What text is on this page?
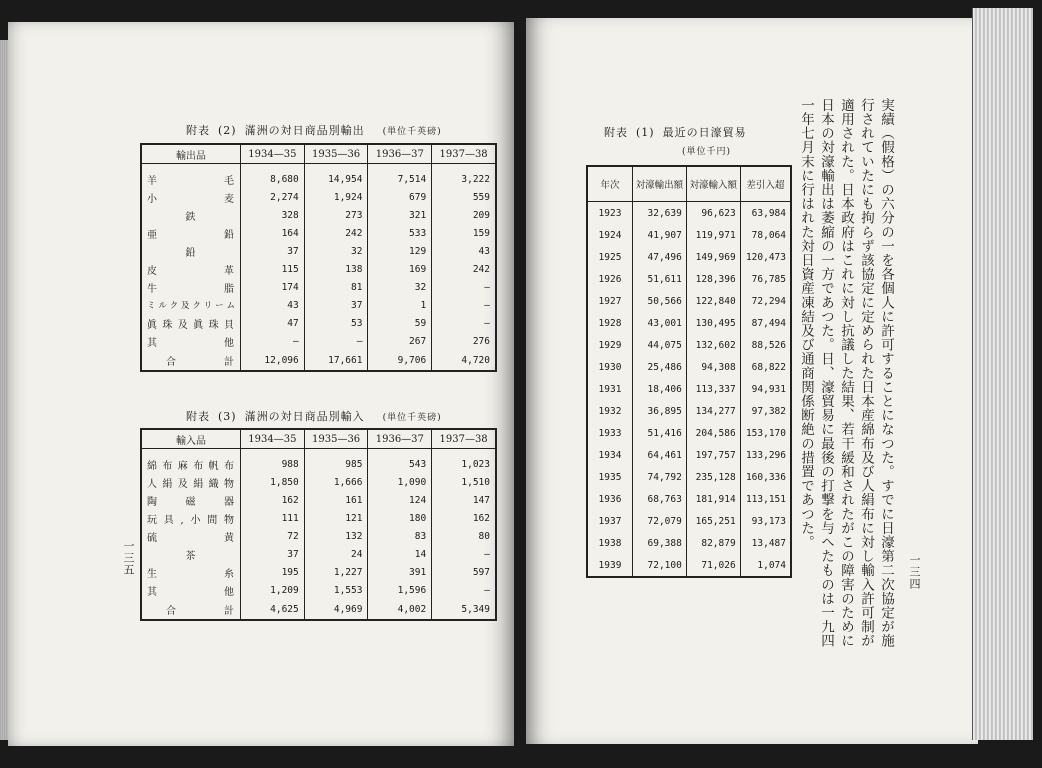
一三五	一三四
附表 (2) 滿洲の対日商品別輸出 (単位千英磅)
輸出品	1934—35	1935—36	1936—37	1937—38
羊毛	8,680	14,954	7,514	3,222
小麦	2,274	1,924	679	559
鉄	328	273	321	209
亜鉛	164	242	533	159
鉛	37	32	129	43
皮革	115	138	169	242
牛脂	174	81	32	—
ミルク及クリーム	43	37	1	—
眞珠及眞珠貝	47	53	59	—
其他	—	—	267	276
合計	12,096	17,661	9,706	4,720
附表 (3) 滿洲の対日商品別輸入 (単位千英磅)
輸入品	1934—35	1935—36	1936—37	1937—38
綿布麻布帆布	988	985	543	1,023
人絹及絹織物	1,850	1,666	1,090	1,510
陶磁器	162	161	124	147
玩具,小間物	111	121	180	162
硫黄	72	132	83	80
茶	37	24	14	—
生糸	195	1,227	391	597
其他	1,209	1,553	1,596	—
合計	4,625	4,969	4,002	5,349
附表 (1) 最近の日濠貿易
(単位千円)
年次	対濠輸出額	対濠輸入額	差引入超
1923	32,639	96,623	63,984
1924	41,907	119,971	78,064
1925	47,496	149,969	120,473
1926	51,611	128,396	76,785
1927	50,566	122,840	72,294
1928	43,001	130,495	87,494
1929	44,075	132,602	88,526
1930	25,486	94,308	68,822
1931	18,406	113,337	94,931
1932	36,895	134,277	97,382
1933	51,416	204,586	153,170
1934	64,461	197,757	133,296
1935	74,792	235,128	160,336
1936	68,763	181,914	113,151
1937	72,079	165,251	93,173
1938	69,388	82,879	13,487
1939	72,100	71,026	1,074	実績（假格）の六分の一を各個人に許可することになつた。すでに日濠第二次協定が施行されていたにも拘らず該協定に定められた日本産綿布及び人絹布に対し輸入許可制が適用された。日本政府はこれに対し抗議した結果、若干緩和されたがこの障害のために日本の対濠輸出は萎縮の一方であつた。日、濠貿易に最後の打撃を与へたものは一九四一年七月末に行はれた対日資産凍結及び通商関係断絶の措置であつた。
